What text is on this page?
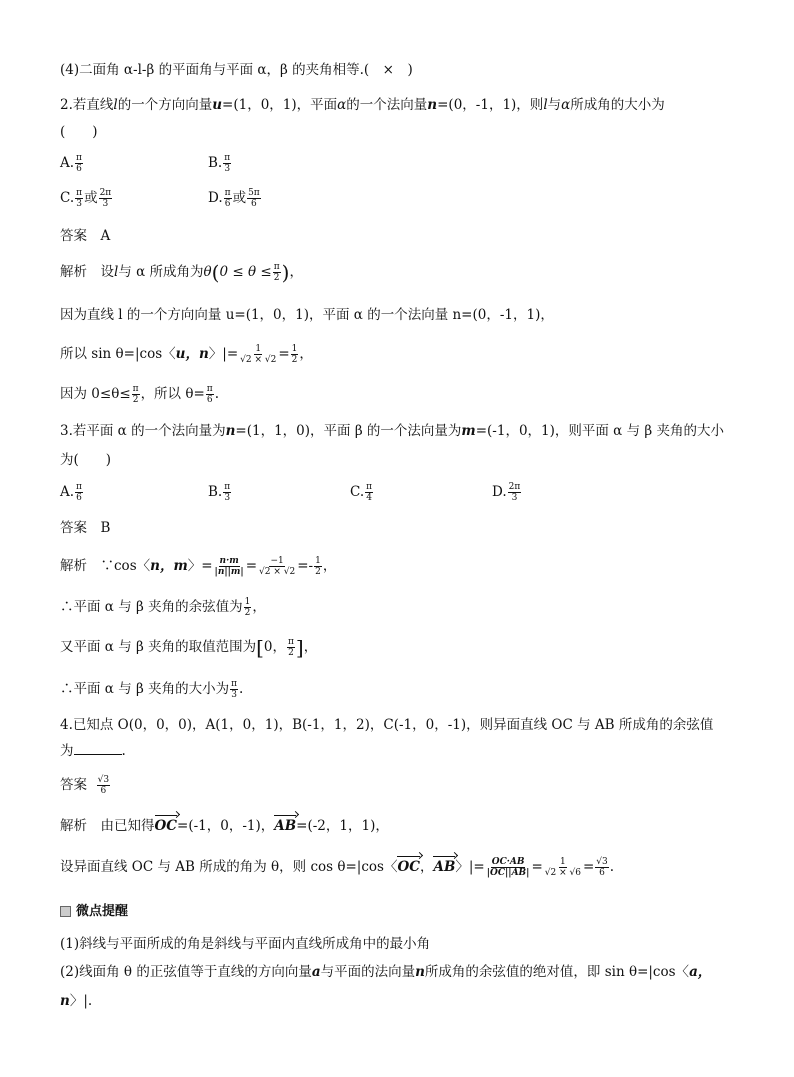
(4)二面角 α-l-β 的平面角与平面 α，β 的夹角相等.(　×　)
2.若直线l的一个方向向量u=(1，0，1)，平面α的一个法向量n=(0，-1，1)，则l与α所成角的大小为
(　　)
A. $\frac{\pi}{6}$	B. $\frac{\pi}{3}$
C. $\frac{\pi}{3}$ 或 $\frac{2\pi}{3}$	D. $\frac{\pi}{6}$ 或 $\frac{5\pi}{6}$
答案　A
解析　设l与 α 所成角为$\theta(0 \le \theta \le \frac{\pi}{2}$ )，
因为直线 l 的一个方向向量 u=(1，0，1)，平面 α 的一个法向量 n=(0，-1，1)，
所以 sin θ=|cos〈u，n〉|= $\frac{1}{√2 \times √2} = \frac{1}{2}$ ，
因为 $0\le\theta\le \frac{\pi}{2}$ ，所以 $\theta= \frac{\pi}{6}$ .
3.若平面 α 的一个法向量为n=(1，1，0)，平面 β 的一个法向量为m=(-1，0，1)，则平面 α 与 β 夹角的大小
为(　　)
A. $\frac{\pi}{6}$	B. $\frac{\pi}{3}$	C. $\frac{\pi}{4}$	D. $\frac{2\pi}{3}$
答案　B
解析　∵cos〈n，m〉= $\frac{n\cdot m}{|n||m|} = \frac{-1}{√2 \times √2} =- \frac{1}{2}$ ，
∴平面 α 与 β 夹角的余弦值为 $\frac{1}{2}$ ，
又平面 α 与 β 夹角的取值范围为[0， $\frac{\pi}{2}$ ]，
∴平面 α 与 β 夹角的大小为 $\frac{\pi}{3}$ .
4.已知点 O(0，0，0)，A(1，0，1)，B(-1，1，2)，C(-1，0，-1)，则异面直线 OC 与 AB 所成角的余弦值
为	.
答案 $\frac{√3}{6}$
解析　由已知得OC=(-1，0，-1)，AB=(-2，1，1)，
设异面直线 OC 与 AB 所成的角为 θ，则 cos θ=|cos〈OC，AB〉|= $\frac{OC\cdot AB}{|OC||AB|} = \frac{1}{√2 \times √6} = \frac{√3}{6}$ .
微点提醒
(1)斜线与平面所成的角是斜线与平面内直线所成角中的最小角
(2)线面角 θ 的正弦值等于直线的方向向量a与平面的法向量n所成角的余弦值的绝对值，即 sin θ=|cos〈a，
n〉|.
